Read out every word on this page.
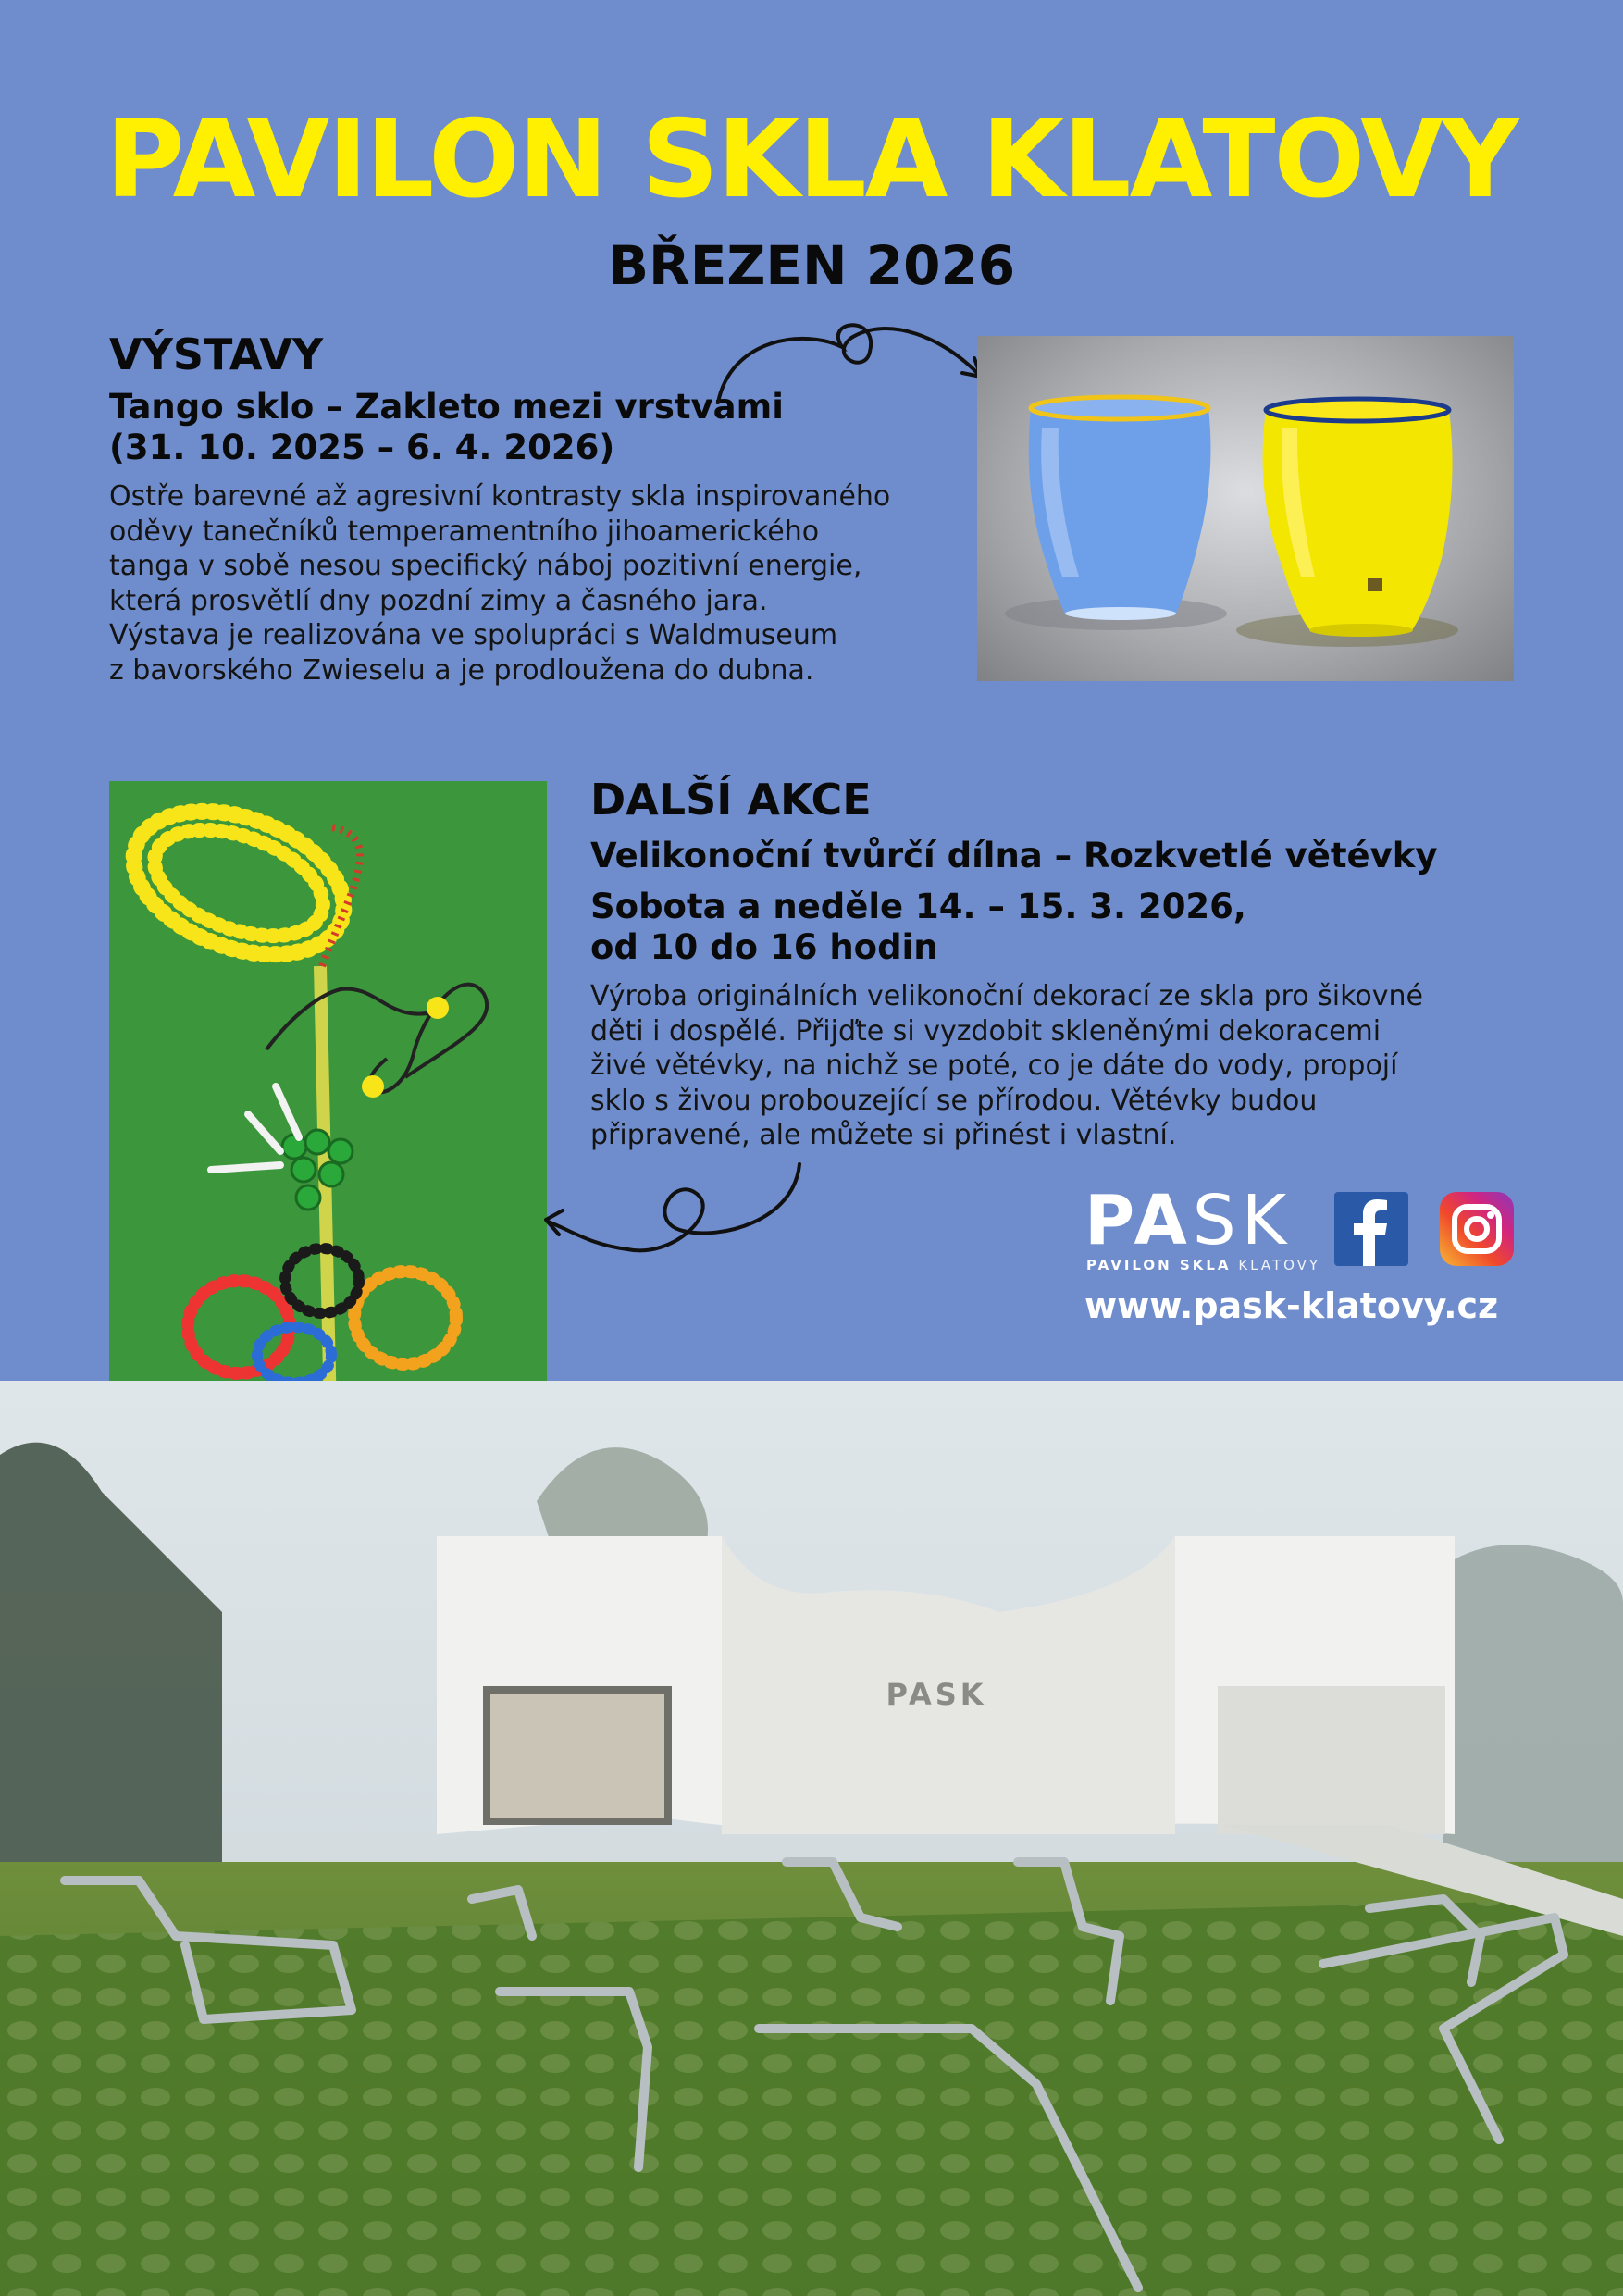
PAVILON SKLA KLATOVY
BŘEZEN 2026
VÝSTAVY
Tango sklo – Zakleto mezi vrstvami
(31. 10. 2025 – 6. 4. 2026)
Ostře barevné až agresivní kontrasty skla inspirovaného
oděvy tanečníků temperamentního jihoamerického
tanga v sobě nesou specifický náboj pozitivní energie,
která prosvětlí dny pozdní zimy a časného jara.
Výstava je realizována ve spolupráci s Waldmuseum
z bavorského Zwieselu a je prodloužena do dubna.
DALŠÍ AKCE
Velikonoční tvůrčí dílna – Rozkvetlé větévky
Sobota a neděle 14. – 15. 3. 2026,
od 10 do 16 hodin
Výroba originálních velikonoční dekorací ze skla pro šikovné
děti i dospělé. Přijďte si vyzdobit skleněnými dekoracemi
živé větévky, na nichž se poté, co je dáte do vody, propojí
sklo s živou probouzející se přírodou. Větévky budou
připravené, ale můžete si přinést i vlastní.
PASK
PAVILON SKLA KLATOVY
www.pask-klatovy.cz
PASK
